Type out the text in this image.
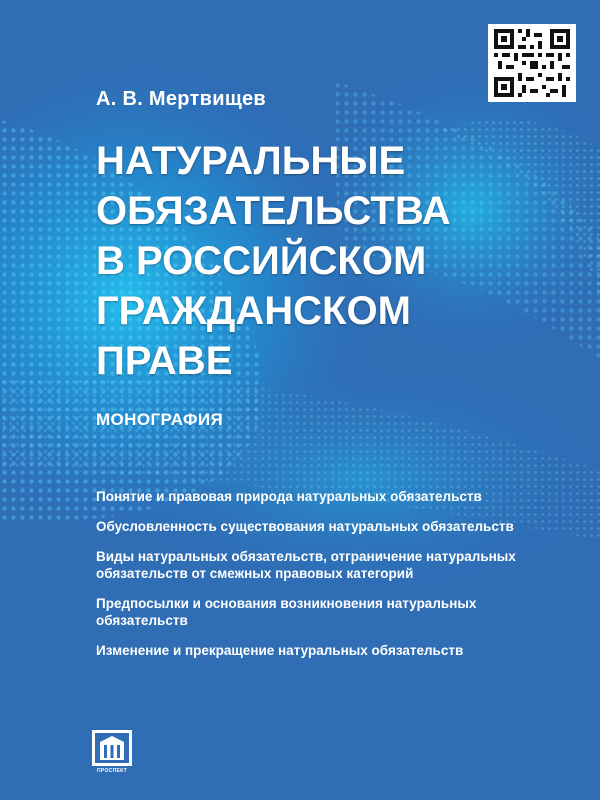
А. В. Мертвищев

НАТУРАЛЬНЫЕ
ОБЯЗАТЕЛЬСТВА
В РОССИЙСКОМ
ГРАЖДАНСКОМ
ПРАВЕ

МОНОГРАФИЯ

Понятие и правовая природа натуральных обязательств
Обусловленность существования натуральных обязательств
Виды натуральных обязательств, отграничение натуральных обязательств от смежных правовых категорий
Предпосылки и основания возникновения натуральных обязательств
Изменение и прекращение натуральных обязательств
ПРОСПЕКТ
